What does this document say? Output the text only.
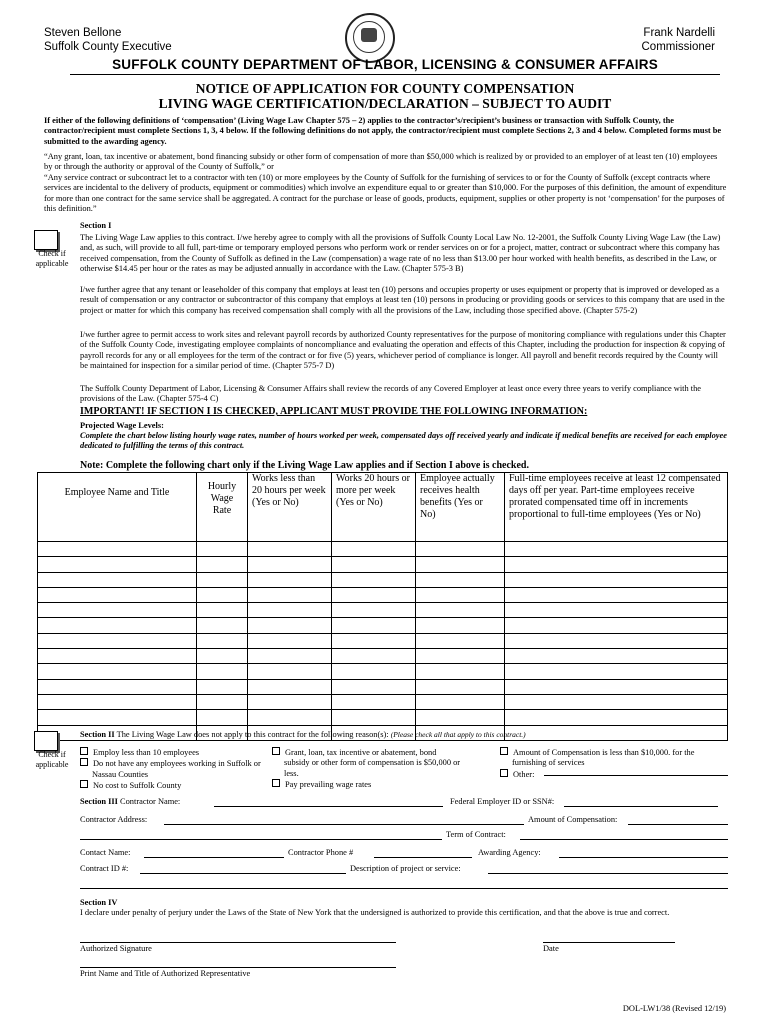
Steven Bellone
Suffolk County Executive
Frank Nardelli
Commissioner
SUFFOLK COUNTY DEPARTMENT OF LABOR, LICENSING & CONSUMER AFFAIRS
NOTICE OF APPLICATION FOR COUNTY COMPENSATION
LIVING WAGE CERTIFICATION/DECLARATION – SUBJECT TO AUDIT
If either of the following definitions of ‘compensation’ (Living Wage Law Chapter 575 – 2) applies to the contractor’s/recipient’s business or transaction with Suffolk County, the contractor/recipient must complete Sections 1, 3, 4 below. If the following definitions do not apply, the contractor/recipient must complete Sections 2, 3 and 4 below. Completed forms must be submitted to the awarding agency.
“Any grant, loan, tax incentive or abatement, bond financing subsidy or other form of compensation of more than $50,000 which is realized by or provided to an employer of at least ten (10) employees by or through the authority or approval of the County of Suffolk,” or
“Any service contract or subcontract let to a contractor with ten (10) or more employees by the County of Suffolk for the furnishing of services to or for the County of Suffolk (except contracts where services are incidental to the delivery of products, equipment or commodities) which involve an expenditure equal to or greater than $10,000. For the purposes of this definition, the amount of expenditure for more than one contract for the same service shall be aggregated. A contract for the purchase or lease of goods, products, equipment, supplies or other property is not ‘compensation’ for the purposes of this definition.”
Check if
applicable
Section I
The Living Wage Law applies to this contract. I/we hereby agree to comply with all the provisions of Suffolk County Local Law No. 12-2001, the Suffolk County Living Wage Law (the Law) and, as such, will provide to all full, part-time or temporary employed persons who perform work or render services on or for a project, matter, contract or subcontract where this company has received compensation, from the County of Suffolk as defined in the Law (compensation) a wage rate of no less than $13.00 per hour worked with health benefits, as described in the Law, or otherwise $14.45 per hour or the rates as may be adjusted annually in accordance with the Law. (Chapter 575-3 B)
I/we further agree that any tenant or leaseholder of this company that employs at least ten (10) persons and occupies property or uses equipment or property that is improved or developed as a result of compensation or any contractor or subcontractor of this company that employs at least ten (10) persons in producing or providing goods or services to this company that are used in the project or matter for which this company has received compensation shall comply with all the provisions of the Law, including those specified above. (Chapter 575-2)
I/we further agree to permit access to work sites and relevant payroll records by authorized County representatives for the purpose of monitoring compliance with regulations under this Chapter of the Suffolk County Code, investigating employee complaints of noncompliance and evaluating the operation and effects of this Chapter, including the production for inspection & copying of payroll records for any or all employees for the term of the contract or for five (5) years, whichever period of compliance is longer. All payroll and benefit records required by the County will be maintained for inspection for a similar period of time. (Chapter 575-7 D)
The Suffolk County Department of Labor, Licensing & Consumer Affairs shall review the records of any Covered Employer at least once every three years to verify compliance with the provisions of the Law. (Chapter 575-4 C)
IMPORTANT! IF SECTION I IS CHECKED, APPLICANT MUST PROVIDE THE FOLLOWING INFORMATION:
Projected Wage Levels:
Complete the chart below listing hourly wage rates, number of hours worked per week, compensated days off received yearly and indicate if medical benefits are received for each employee dedicated to fulfilling the terms of this contract.
Note: Complete the following chart only if the Living Wage Law applies and if Section I above is checked.
Employee Name and Title	Hourly Wage Rate	Works less than 20 hours per week (Yes or No)	Works 20 hours or more per week (Yes or No)	Employee actually receives health benefits (Yes or No)	Full-time employees receive at least 12 compensated days off per year. Part-time employees receive prorated compensated time off in increments proportional to full-time employees (Yes or No)

Check if
applicable
Section II The Living Wage Law does not apply to this contract for the following reason(s): (Please check all that apply to this contract.)
Employ less than 10 employees
Do not have any employees working in Suffolk or Nassau Counties
No cost to Suffolk County
Grant, loan, tax incentive or abatement, bond subsidy or other form of compensation is $50,000 or less.
Pay prevailing wage rates
Amount of Compensation is less than $10,000. for the furnishing of services
Other:
Section III Contractor Name:	Federal Employer ID or SSN#:
Contractor Address:	Amount of Compensation:
Term of Contract:
Contact Name:	Contractor Phone #	Awarding Agency:
Contract ID #:	Description of project or service:
Section IV
I declare under penalty of perjury under the Laws of the State of New York that the undersigned is authorized to provide this certification, and that the above is true and correct.
Authorized Signature	Date
Print Name and Title of Authorized Representative
DOL-LW1/38 (Revised 12/19)
